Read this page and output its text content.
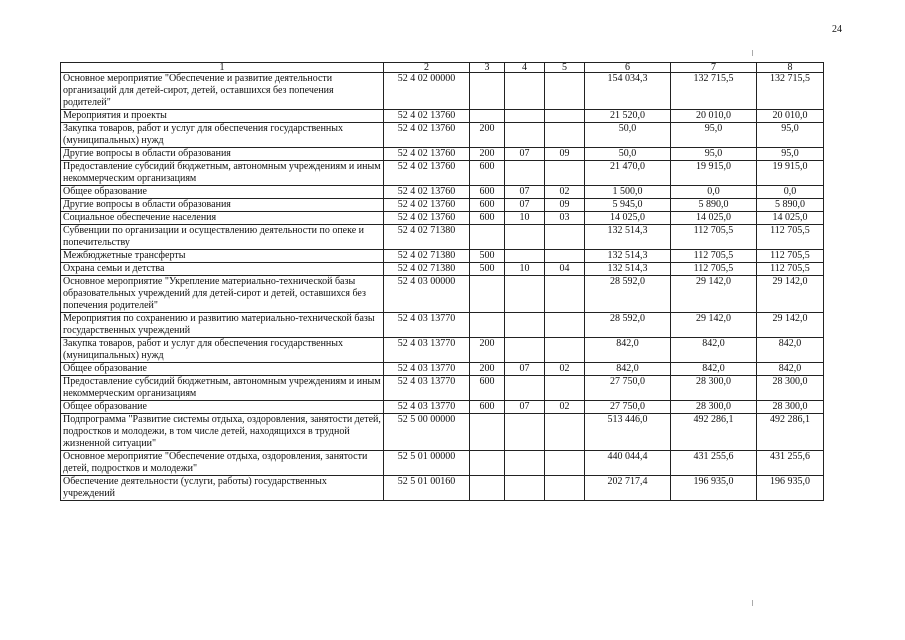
24
1	2	3	4	5	6	7	8
Основное мероприятие "Обеспечение и развитие деятельности организаций для детей-сирот, детей, оставшихся без попечения родителей"	52 4 02 00000				154 034,3	132 715,5	132 715,5
Мероприятия и проекты	52 4 02 13760				21 520,0	20 010,0	20 010,0
Закупка товаров, работ и услуг для обеспечения государственных (муниципальных) нужд	52 4 02 13760	200			50,0	95,0	95,0
Другие вопросы в области образования	52 4 02 13760	200	07	09	50,0	95,0	95,0
Предоставление субсидий бюджетным, автономным учреждениям и иным некоммерческим организациям	52 4 02 13760	600			21 470,0	19 915,0	19 915,0
Общее образование	52 4 02 13760	600	07	02	1 500,0	0,0	0,0
Другие вопросы в области образования	52 4 02 13760	600	07	09	5 945,0	5 890,0	5 890,0
Социальное обеспечение населения	52 4 02 13760	600	10	03	14 025,0	14 025,0	14 025,0
Субвенции по организации и осуществлению деятельности по опеке и попечительству	52 4 02 71380				132 514,3	112 705,5	112 705,5
Межбюджетные трансферты	52 4 02 71380	500			132 514,3	112 705,5	112 705,5
Охрана семьи и детства	52 4 02 71380	500	10	04	132 514,3	112 705,5	112 705,5
Основное мероприятие "Укрепление материально-технической базы образовательных учреждений для детей-сирот и детей, оставшихся без попечения родителей"	52 4 03 00000				28 592,0	29 142,0	29 142,0
Мероприятия по сохранению и развитию материально-технической базы государственных учреждений	52 4 03 13770				28 592,0	29 142,0	29 142,0
Закупка товаров, работ и услуг для обеспечения государственных (муниципальных) нужд	52 4 03 13770	200			842,0	842,0	842,0
Общее образование	52 4 03 13770	200	07	02	842,0	842,0	842,0
Предоставление субсидий бюджетным, автономным учреждениям и иным некоммерческим организациям	52 4 03 13770	600			27 750,0	28 300,0	28 300,0
Общее образование	52 4 03 13770	600	07	02	27 750,0	28 300,0	28 300,0
Подпрограмма "Развитие системы отдыха, оздоровления, занятости детей, подростков и молодежи, в том числе детей, находящихся в трудной жизненной ситуации"	52 5 00 00000				513 446,0	492 286,1	492 286,1
Основное мероприятие "Обеспечение отдыха, оздоровления, занятости детей, подростков и молодежи"	52 5 01 00000				440 044,4	431 255,6	431 255,6
Обеспечение деятельности (услуги, работы) государственных учреждений	52 5 01 00160				202 717,4	196 935,0	196 935,0
